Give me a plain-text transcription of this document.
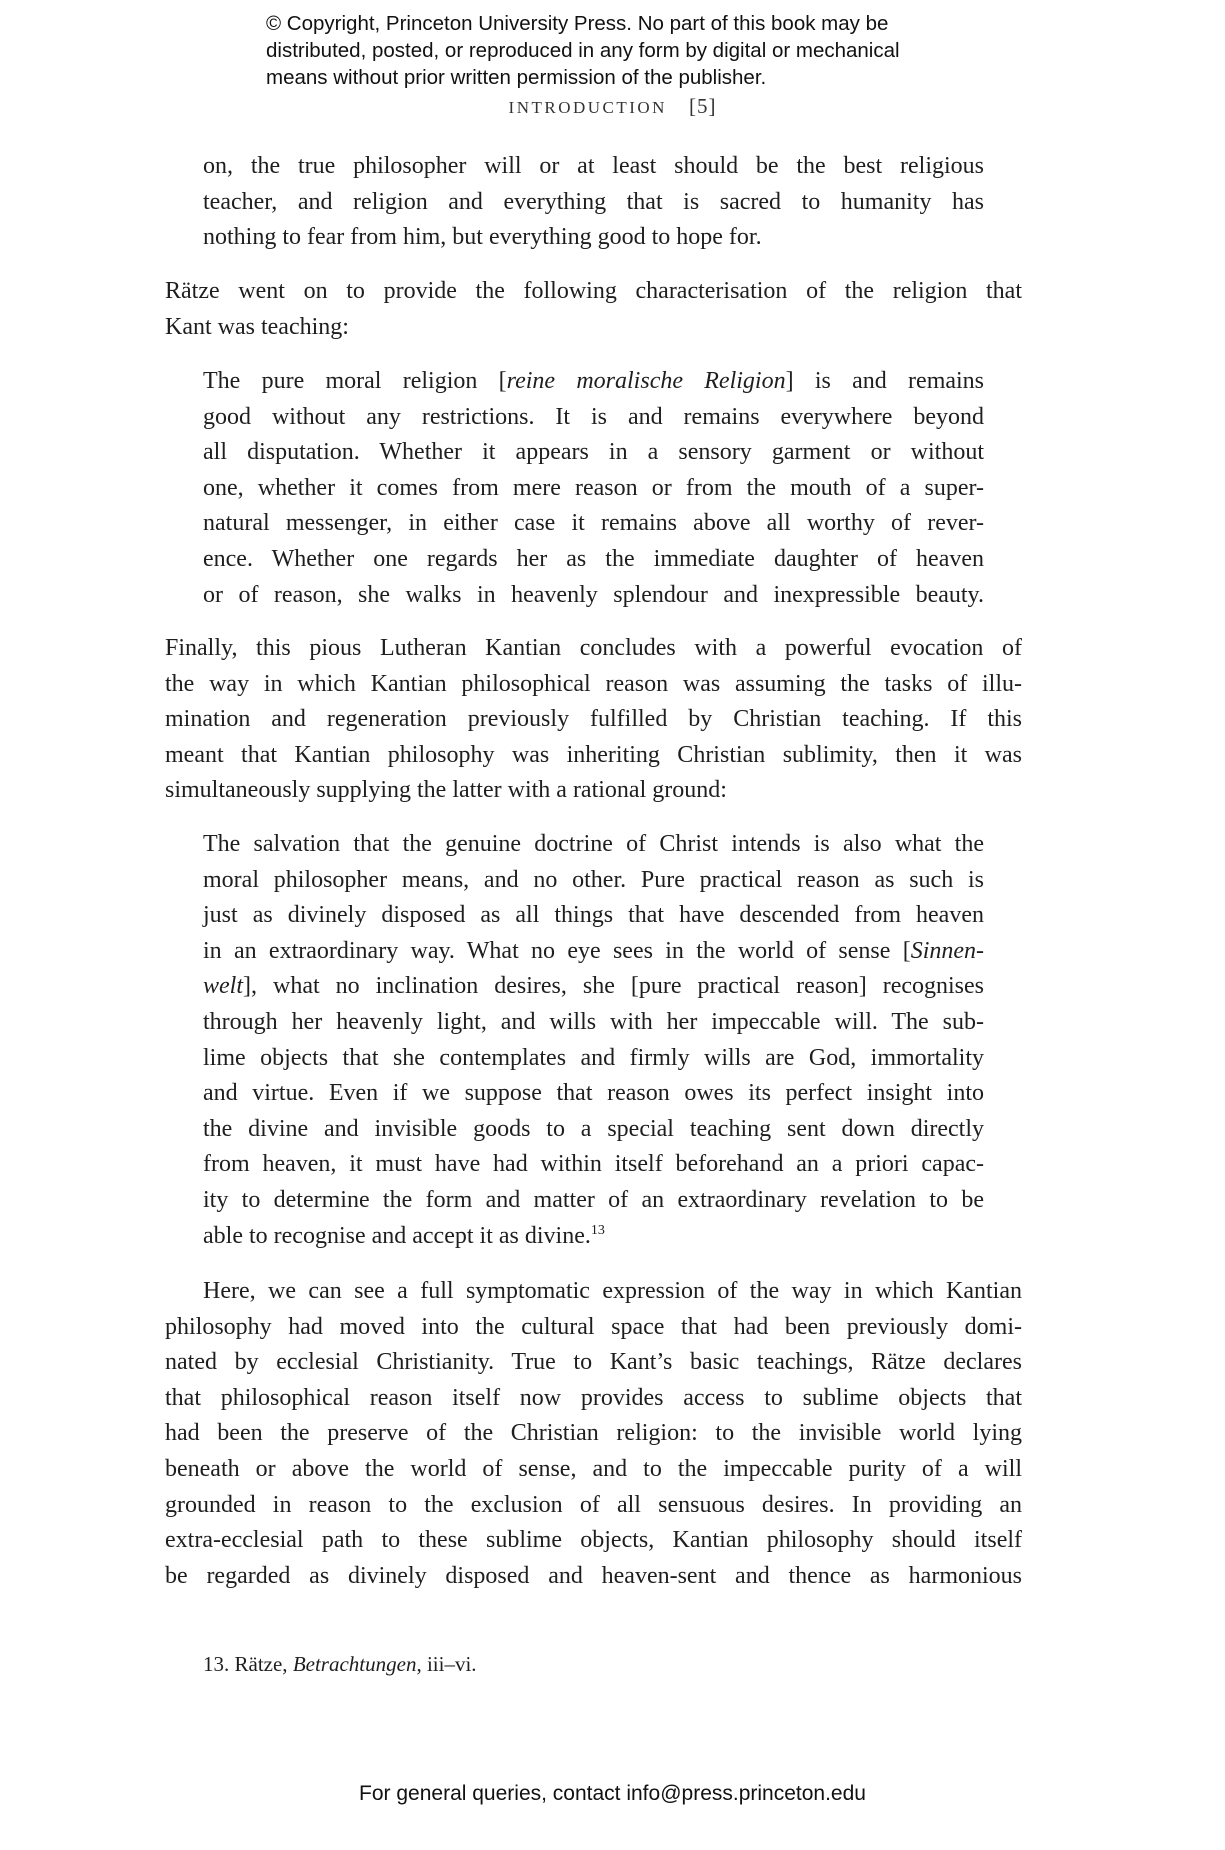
© Copyright, Princeton University Press. No part of this book may be
distributed, posted, or reproduced in any form by digital or mechanical
means without prior written permission of the publisher.
INTRODUCTION [5]
on, the true philosopher will or at least should be the best religious
teacher, and religion and everything that is sacred to humanity has
nothing to fear from him, but everything good to hope for.
Rätze went on to provide the following characterisation of the religion that
Kant was teaching:
The pure moral religion [reine moralische Religion] is and remains
good without any restrictions. It is and remains everywhere beyond
all disputation. Whether it appears in a sensory garment or without
one, whether it comes from mere reason or from the mouth of a super-
natural messenger, in either case it remains above all worthy of rever-
ence. Whether one regards her as the immediate daughter of heaven
or of reason, she walks in heavenly splendour and inexpressible beauty.
Finally, this pious Lutheran Kantian concludes with a powerful evocation of
the way in which Kantian philosophical reason was assuming the tasks of illu-
mination and regeneration previously fulfilled by Christian teaching. If this
meant that Kantian philosophy was inheriting Christian sublimity, then it was
simultaneously supplying the latter with a rational ground:
The salvation that the genuine doctrine of Christ intends is also what the
moral philosopher means, and no other. Pure practical reason as such is
just as divinely disposed as all things that have descended from heaven
in an extraordinary way. What no eye sees in the world of sense [Sinnen-
welt], what no inclination desires, she [pure practical reason] recognises
through her heavenly light, and wills with her impeccable will. The sub-
lime objects that she contemplates and firmly wills are God, immortality
and virtue. Even if we suppose that reason owes its perfect insight into
the divine and invisible goods to a special teaching sent down directly
from heaven, it must have had within itself beforehand an a priori capac-
ity to determine the form and matter of an extraordinary revelation to be
able to recognise and accept it as divine.$^{13}$
Here, we can see a full symptomatic expression of the way in which Kantian
philosophy had moved into the cultural space that had been previously domi-
nated by ecclesial Christianity. True to Kant’s basic teachings, Rätze declares
that philosophical reason itself now provides access to sublime objects that
had been the preserve of the Christian religion: to the invisible world lying
beneath or above the world of sense, and to the impeccable purity of a will
grounded in reason to the exclusion of all sensuous desires. In providing an
extra-ecclesial path to these sublime objects, Kantian philosophy should itself
be regarded as divinely disposed and heaven-sent and thence as harmonious
13. Rätze, Betrachtungen, iii–vi.
For general queries, contact info@press.princeton.edu
